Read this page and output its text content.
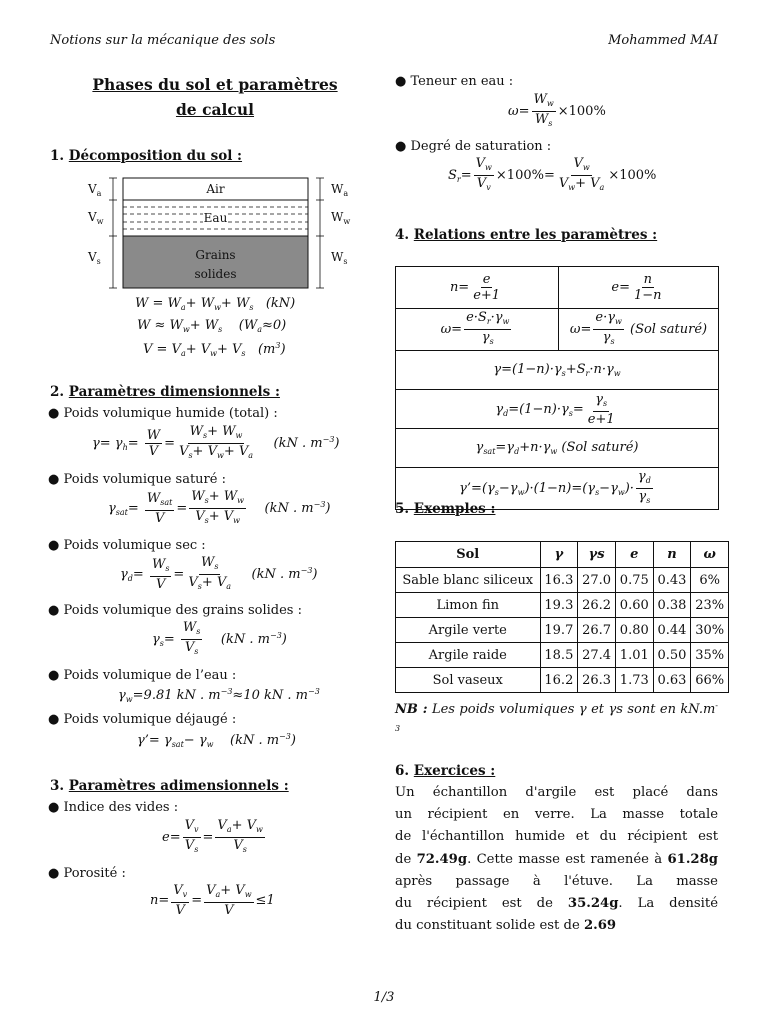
Notions sur la mécanique des sols	Mohammed MAI
Phases du sol et paramètres
de calcul
1. Décomposition du sol :
Air
Eau
Grains
solides
$V_a$
$V_w$
$V_s$
$W_a$
$W_w$
$W_s$
$W = W_a+ W_w+ W_s$ (kN)
$W \approx W_w+ W_s$ $(W_a\approx 0)$
$V = V_a+ V_w+ V_s$ $(m^3)$
2. Paramètres dimensionnels :
● Poids volumique humide (total) :
$\gamma= \gamma_h= \frac{W}{V} = \frac{W_s+ W_w}{V_s+ V_w+ V_a} (kN$ . $m^{-3}$)
● Poids volumique saturé :
$\gamma_{sat}= \frac{W_{sat}}{V} = \frac{W_s+ W_w}{V_s+ V_w} (kN$ . $m^{-3}$)
● Poids volumique sec :
$\gamma_d= \frac{W_s}{V} = \frac{W_s}{V_s+ V_a} (kN$ . $m^{-3}$)
● Poids volumique des grains solides :
$\gamma_s= \frac{W_s}{V_s} (kN$ . $m^{-3}$)
● Poids volumique de l’eau :
$\gamma_w=9.81$ kN . $m^{-3}\approx 10$ kN . $m^{-3}$
● Poids volumique déjaugé :
γ’= $\gamma_{sat}- \gamma_w$    (kN . $m^{-3}$)
3. Paramètres adimensionnels :
● Indice des vides :
$e= \frac{V_v}{V_s} = \frac{V_a+ V_w}{V_s}$
● Porosité :
$n= \frac{V_v}{V} = \frac{V_a+ V_w}{V} \le 1$
● Teneur en eau :
$\omega= \frac{W_w}{W_s} \times 100\%$
● Degré de saturation :
$S_r= \frac{V_w}{V_v} \times 100\%= \frac{V_w}{V_w+ V_a} \times 100\%$
4. Relations entre les paramètres :
$n= \frac{e}{e+1}$	$e= \frac{n}{1-n}$

$\omega= \frac{e\cdot S_r\cdot\gamma_w}{\gamma_s}$	$\omega= \frac{e\cdot\gamma_w}{\gamma_s} (Sol$ saturé)
$\gamma=(1-n)\cdot\gamma_s+S_r\cdot n\cdot\gamma_w$
$\gamma_d=(1-n)\cdot\gamma_s= \frac{\gamma_s}{e+1}$

$\gamma_{sat}=\gamma_d+n\cdot\gamma_w$ (Sol saturé)	
$\gamma’=(\gamma_s-\gamma_w)\cdot(1-n)=(\gamma_s-\gamma_w)\cdot \frac{\gamma_d}{\gamma_s}$
5. Exemples :
Sol	γ	γs	e	n	ω
Sable blanc siliceux	16.3	27.0	0.75	0.43	6%
Limon fin	19.3	26.2	0.60	0.38	23%
Argile verte	19.7	26.7	0.80	0.44	30%
Argile raide	18.5	27.4	1.01	0.50	35%
Sol vaseux	16.2	26.3	1.73	0.63	66%
NB : Les poids volumiques γ et γs sont en $kN.m^{-3}$
6. Exercices :
Un échantillon d'argile est placé dans
un récipient en verre. La masse totale
de l'échantillon humide et du récipient est
de 72.49g. Cette masse est ramenée à 61.28g
après passage à l'étuve. La masse
du récipient est de 35.24g. La densité
du constituant solide est de 2.69
1/3
